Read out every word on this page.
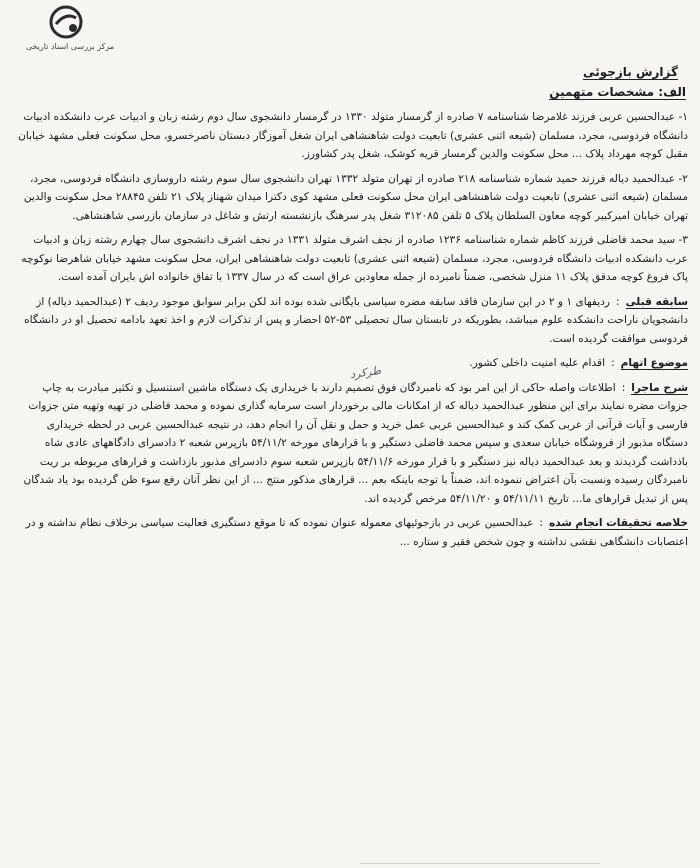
مرکز بررسی اسناد تاریخی
گزارش بازجوئی
الف: مشخصات متهمین

۱- عبدالحسین عربی فرزند غلامرضا شناسنامه ۷ صادره از گرمسار متولد ۱۳۳۰ در گرمسار دانشجوی سال دوم رشته زبان و ادبیات عرب دانشکده ادبیات دانشگاه فردوسی، مجرد، مسلمان (شیعه اثنی عشری) تابعیت دولت شاهنشاهی ایران شغل آموزگار دبستان ناصرخسرو، محل سکونت فعلی مشهد خیابان مقبل کوچه مهرداد پلاک ... محل سکونت والدین گرمسار قریه کوشک، شغل پدر کشاورز.

۲- عبدالحمید دیاله فرزند حمید شماره شناسنامه ۲۱۸ صادره از تهران متولد ۱۳۳۲ تهران دانشجوی سال سوم رشته داروسازی دانشگاه فردوسی، مجرد، مسلمان (شیعه اثنی عشری) تابعیت دولت شاهنشاهی ایران محل سکونت فعلی مشهد کوی دکترا میدان شهناز پلاک ۲۱ تلفن ۲۸۸۴۵ محل سکونت والدین تهران خیابان امیرکبیر کوچه معاون السلطان پلاک ۵ تلفن ۳۱۲۰۸۵ شغل پدر سرهنگ بازنشسته ارتش و شاغل در سازمان بازرسی شاهنشاهی.

۳- سید محمد فاضلی فرزند کاظم شماره شناسنامه ۱۲۳۶ صادره از نجف اشرف متولد ۱۳۳۱ در نجف اشرف دانشجوی سال چهارم رشته زبان و ادبیات عرب دانشکده ادبیات دانشگاه فردوسی، مجرد، مسلمان (شیعه اثنی عشری) تابعیت دولت شاهنشاهی ایران، محل سکونت مشهد خیابان شاهرضا نوکوچه پاک فروغ کوچه مدقق پلاک ۱۱ منزل شخصی، ضمناً نامبرده از جمله معاودین عراق است که در سال ۱۳۳۷ با تفاق خانواده اش بایران آمده است.

سابقه قبلی:ردیفهای ۱ و ۲ در این سازمان فاقد سابقه مضره سیاسی بایگانی شده بوده اند لکن برابر سوابق موجود ردیف ۲ (عبدالحمید دیاله) از دانشجویان ناراحت دانشکده علوم میباشد، بطوریکه در تابستان سال تحصیلی ۵۳-۵۲ احضار و پس از تذکرات لازم و اخذ تعهد بادامه تحصیل او در دانشگاه فردوسی موافقت گردیده است.
موضوع اتهام:اقدام علیه امنیت داخلی کشور.
شرح ماجرا:اطلاعات واصله حاکی از این امر بود که نامبردگان فوق تصمیم دارند با خریداری یک دستگاه ماشین استنسیل و تکثیر مبادرت به چاپ جزوات مضره نمایند برای این منظور عبدالحمید دیاله که از امکانات مالی برخوردار است سرمایه گذاری نموده و محمد فاضلی در تهیه وتهیه متن جزوات فارسی و آیات قرآنی از عربی کمک کند و عبدالحسین عربی عمل خرید و حمل و نقل آن را انجام دهد، در نتیجه عبدالحسین عربی در لحظه خریداری دستگاه مذبور از فروشگاه خیابان سعدی و سپس محمد فاضلی دستگیر و با قرارهای مورخه ۵۴/۱۱/۲ بازپرس شعبه ۲ دادسرای دادگاههای عادی شاه باذداشت گردیدند و بعد عبدالحمید دیاله نیز دستگیر و با قرار مورخه ۵۴/۱۱/۶ بازپرس شعبه سوم دادسرای مذبور بازداشت و قرارهای مربوطه بر ریت نامبردگان رسیده ونسبت بآن اعتراض ننموده اند، ضمناً با توجه باینکه بعم ... قرارهای مذکور منتج ... از این نظر آنان رفع سوء ظن گردیده بود یاد شدگان پس از تبدیل قرارهای ما... تاریخ ۵۴/۱۱/۱۱ و ۵۴/۱۱/۲۰ مرخص گردیده اند.
خلاصه تحقیقات انجام شده:عبدالحسین عربی در بازجوئیهای معموله عنوان نموده که تا موقع دستگیری فعالیت سیاسی برخلاف نظام نداشته و در اعتصابات دانشگاهی نقشی نداشته و چون شخص فقیر و ستاره ...
طرکرد
